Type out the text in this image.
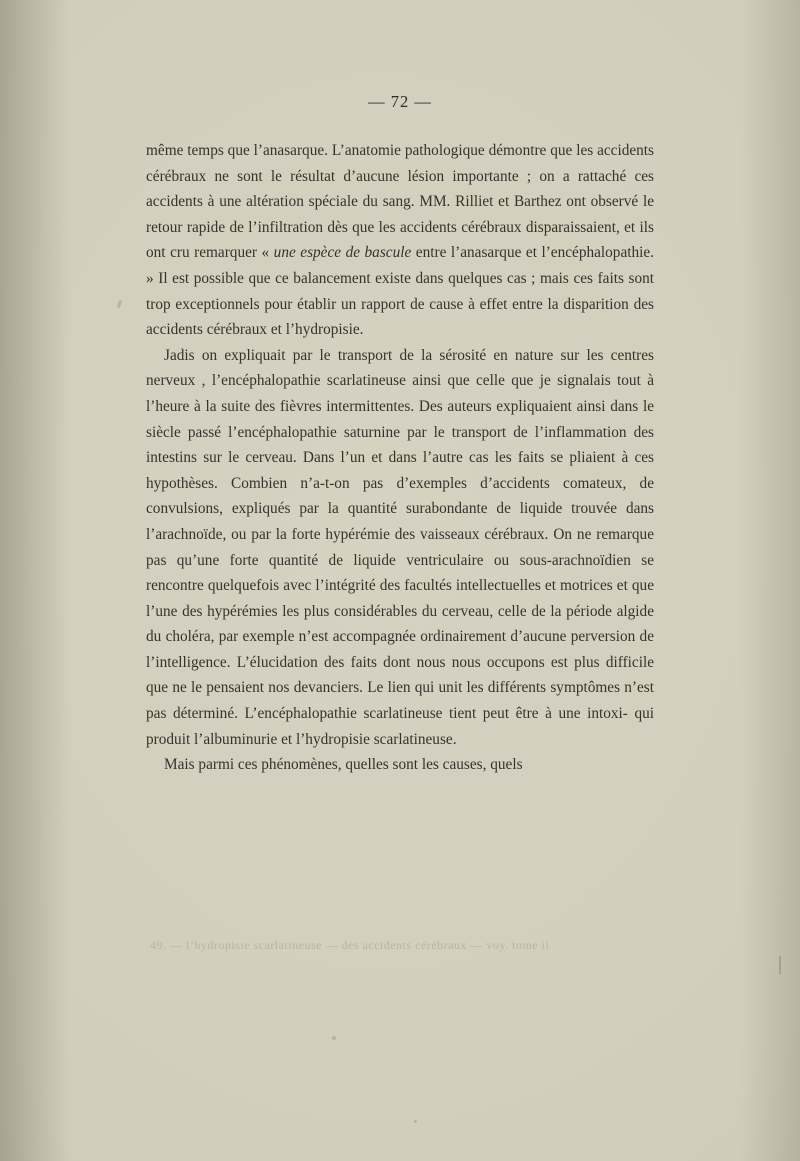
— 72 —

même temps que l’anasarque. L’anatomie pathologique démontre que les accidents cérébraux ne sont le résultat d’aucune lésion importante ; on a rattaché ces accidents à une altération spéciale du sang. MM. Rilliet et Barthez ont observé le retour rapide de l’infiltration dès que les accidents cérébraux disparaissaient, et ils ont cru remarquer « une espèce de bascule entre l’anasarque et l’encéphalopathie. » Il est possible que ce balancement existe dans quelques cas ; mais ces faits sont trop exceptionnels pour établir un rapport de cause à effet entre la disparition des accidents cérébraux et l’hydropisie.

Jadis on expliquait par le transport de la sérosité en nature sur les centres nerveux , l’encéphalopathie scarlatineuse ainsi que celle que je signalais tout à l’heure à la suite des fièvres intermittentes. Des auteurs expliquaient ainsi dans le siècle passé l’encéphalopathie saturnine par le transport de l’inflammation des intestins sur le cerveau. Dans l’un et dans l’autre cas les faits se pliaient à ces hypothèses. Combien n’a-t-on pas d’exemples d’accidents comateux, de convulsions, expliqués par la quantité surabondante de liquide trouvée dans l’arachnoïde, ou par la forte hypérémie des vaisseaux cérébraux. On ne remarque pas qu’une forte quantité de liquide ventriculaire ou sous-arachnoïdien se rencontre quelquefois avec l’intégrité des facultés intellectuelles et motrices et que l’une des hypérémies les plus considérables du cerveau, celle de la période algide du choléra, par exemple n’est accompagnée ordinairement d’aucune perversion de l’intelligence. L’élucidation des faits dont nous nous occupons est plus difficile que ne le pensaient nos devanciers. Le lien qui unit les différents symptômes n’est pas déterminé. L’encéphalopathie scarlatineuse tient peut être à une intoxi- qui produit l’albuminurie et l’hydropisie scarlatineuse.

Mais parmi ces phénomènes, quelles sont les causes, quels

49. — l’hydropisie scarlatineuse — des accidents cérébraux — voy. tome ii
